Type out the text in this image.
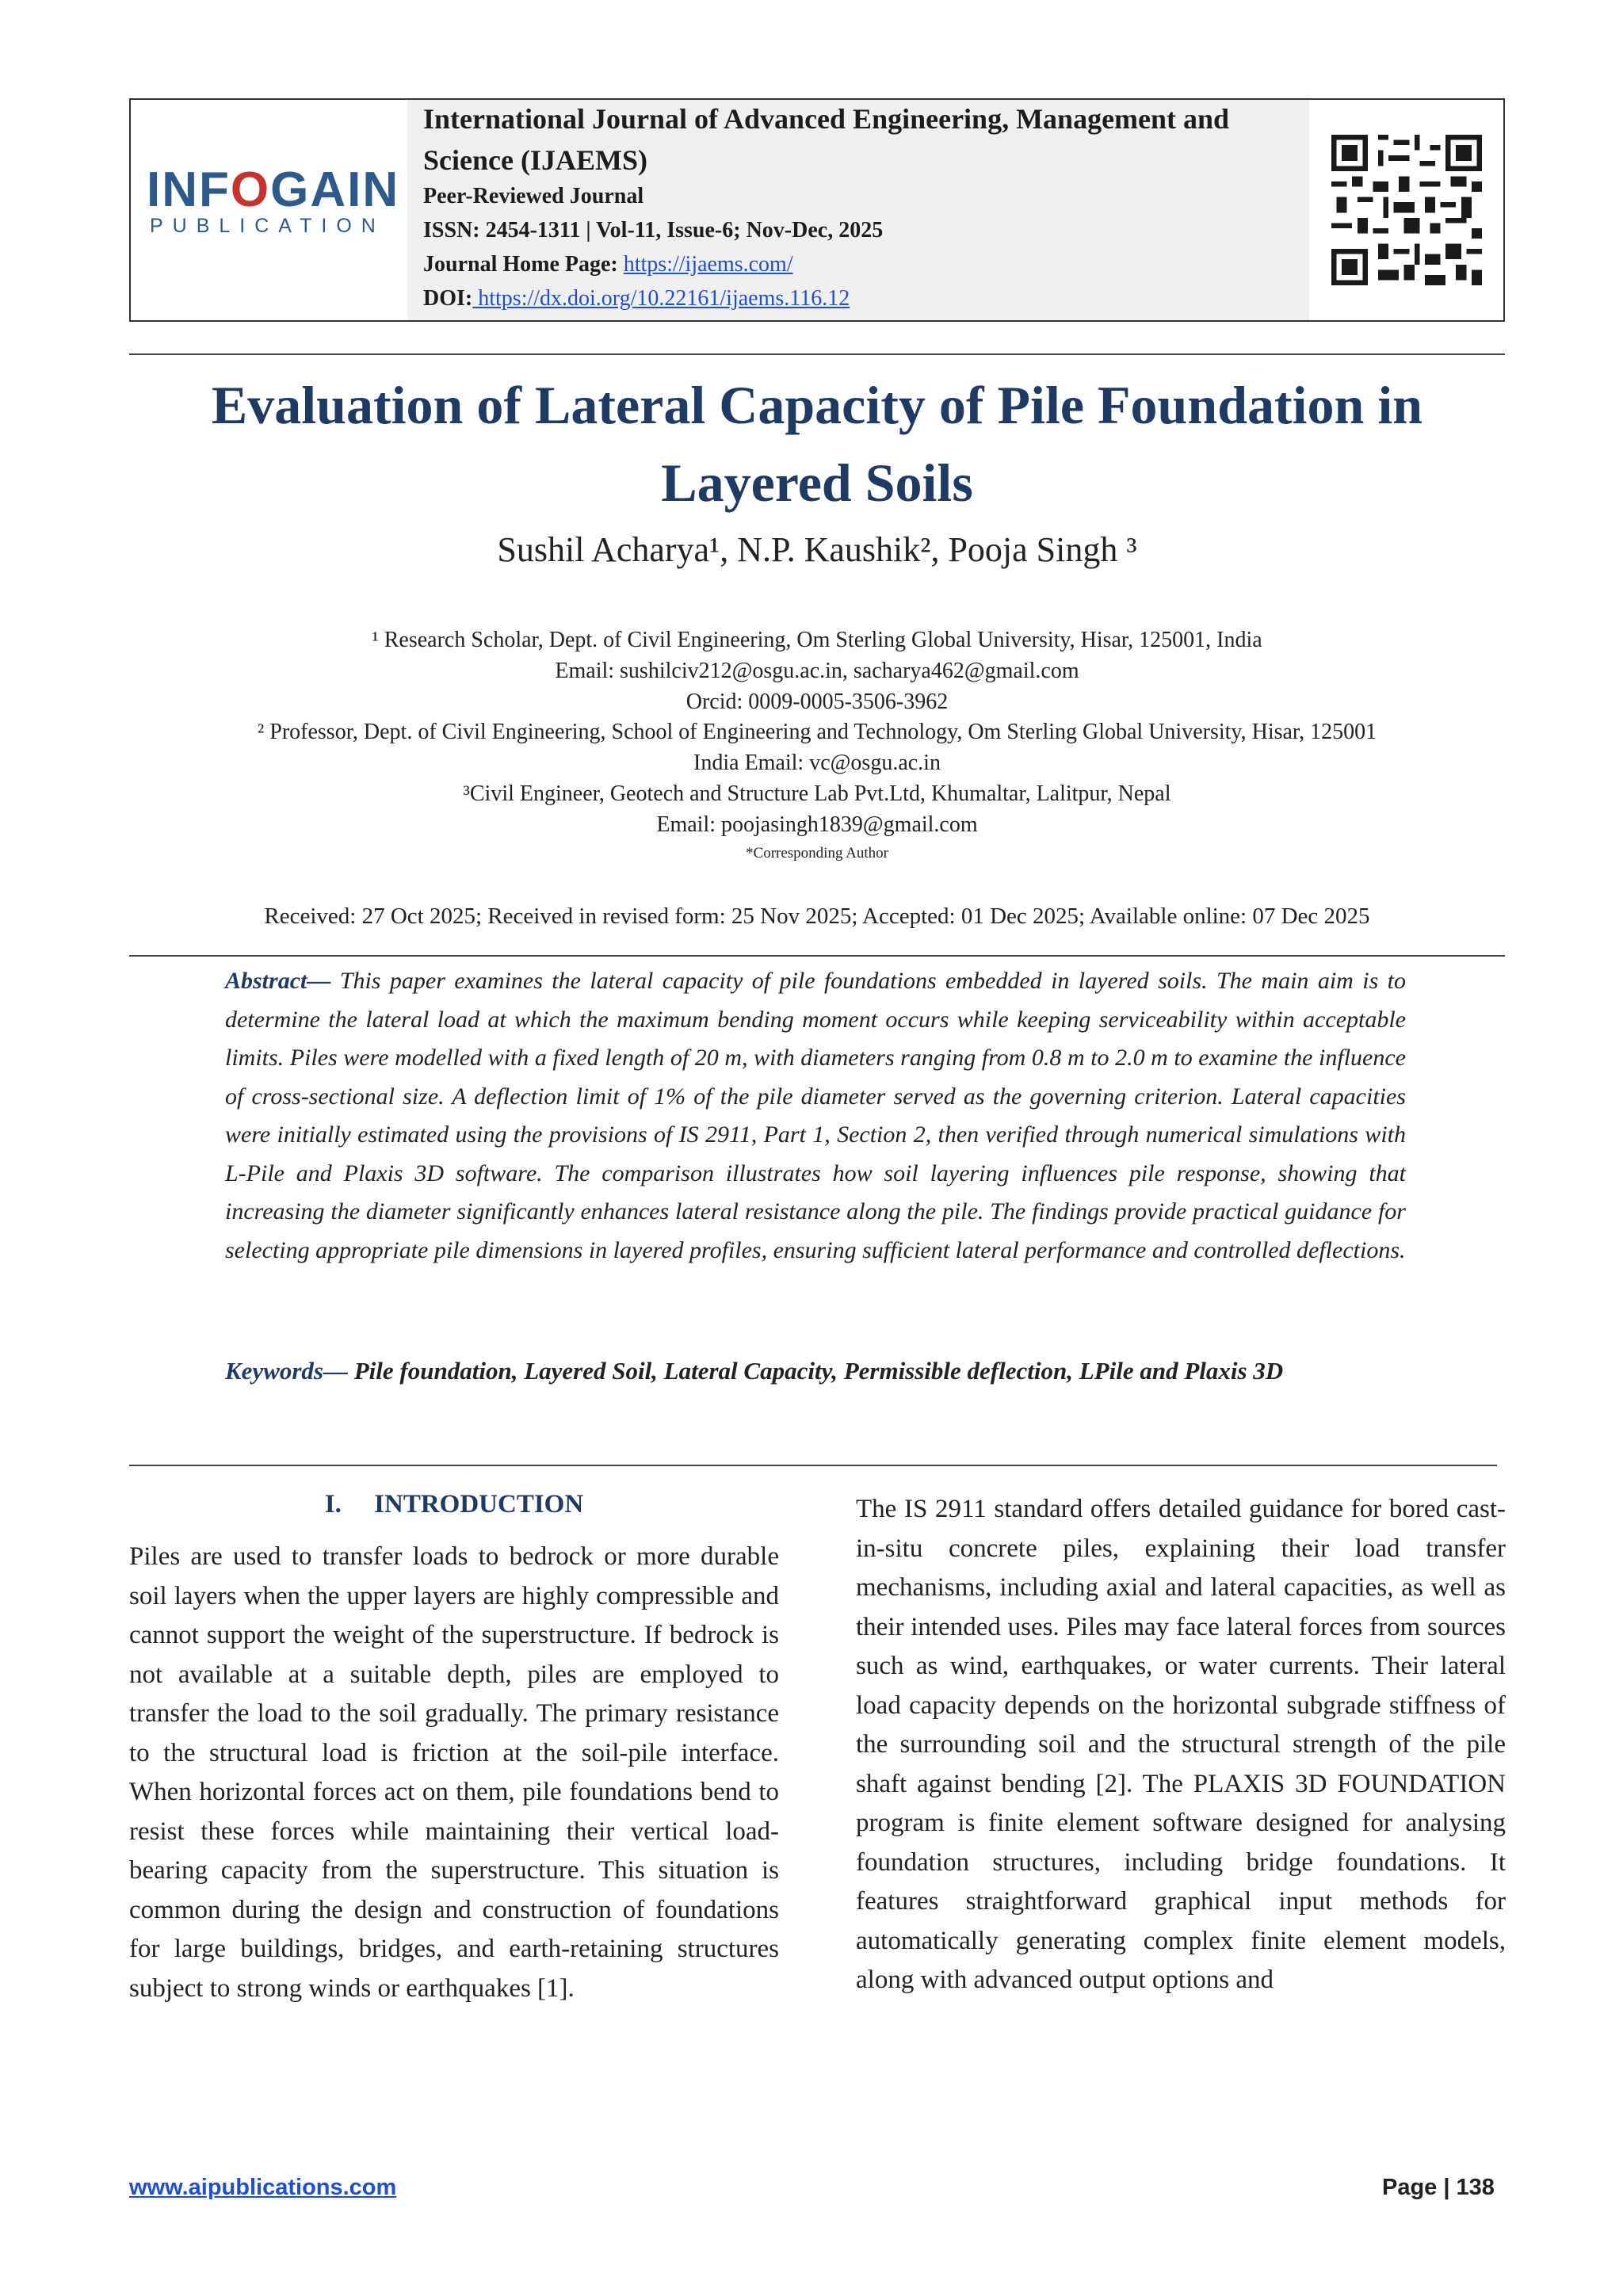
INFOGAIN
PUBLICATION
International Journal of Advanced Engineering, Management and Science (IJAEMS)
Peer-Reviewed Journal
ISSN: 2454-1311 | Vol-11, Issue-6; Nov-Dec, 2025
Journal Home Page: https://ijaems.com/
DOI: https://dx.doi.org/10.22161/ijaems.116.12
Evaluation of Lateral Capacity of Pile Foundation in Layered Soils
Sushil Acharya¹, N.P. Kaushik², Pooja Singh ³
¹ Research Scholar, Dept. of Civil Engineering, Om Sterling Global University, Hisar, 125001, India
Email: sushilciv212@osgu.ac.in, sacharya462@gmail.com
Orcid: 0009-0005-3506-3962
² Professor, Dept. of Civil Engineering, School of Engineering and Technology, Om Sterling Global University, Hisar, 125001
India Email: vc@osgu.ac.in
³Civil Engineer, Geotech and Structure Lab Pvt.Ltd, Khumaltar, Lalitpur, Nepal
Email: poojasingh1839@gmail.com
*Corresponding Author
Received: 27 Oct 2025; Received in revised form: 25 Nov 2025; Accepted: 01 Dec 2025; Available online: 07 Dec 2025
Abstract— This paper examines the lateral capacity of pile foundations embedded in layered soils. The main aim is to determine the lateral load at which the maximum bending moment occurs while keeping serviceability within acceptable limits. Piles were modelled with a fixed length of 20 m, with diameters ranging from 0.8 m to 2.0 m to examine the influence of cross-sectional size. A deflection limit of 1% of the pile diameter served as the governing criterion. Lateral capacities were initially estimated using the provisions of IS 2911, Part 1, Section 2, then verified through numerical simulations with L-Pile and Plaxis 3D software. The comparison illustrates how soil layering influences pile response, showing that increasing the diameter significantly enhances lateral resistance along the pile. The findings provide practical guidance for selecting appropriate pile dimensions in layered profiles, ensuring sufficient lateral performance and controlled deflections.
Keywords— Pile foundation, Layered Soil, Lateral Capacity, Permissible deflection, LPile and Plaxis 3D
I.     INTRODUCTION
Piles are used to transfer loads to bedrock or more durable soil layers when the upper layers are highly compressible and cannot support the weight of the superstructure. If bedrock is not available at a suitable depth, piles are employed to transfer the load to the soil gradually. The primary resistance to the structural load is friction at the soil-pile interface. When horizontal forces act on them, pile foundations bend to resist these forces while maintaining their vertical load-bearing capacity from the superstructure. This situation is common during the design and construction of foundations for large buildings, bridges, and earth-retaining structures subject to strong winds or earthquakes [1].
The IS 2911 standard offers detailed guidance for bored cast-in-situ concrete piles, explaining their load transfer mechanisms, including axial and lateral capacities, as well as their intended uses. Piles may face lateral forces from sources such as wind, earthquakes, or water currents. Their lateral load capacity depends on the horizontal subgrade stiffness of the surrounding soil and the structural strength of the pile shaft against bending [2]. The PLAXIS 3D FOUNDATION program is finite element software designed for analysing foundation structures, including bridge foundations. It features straightforward graphical input methods for automatically generating complex finite element models, along with advanced output options and
www.aipublications.com	Page | 138
